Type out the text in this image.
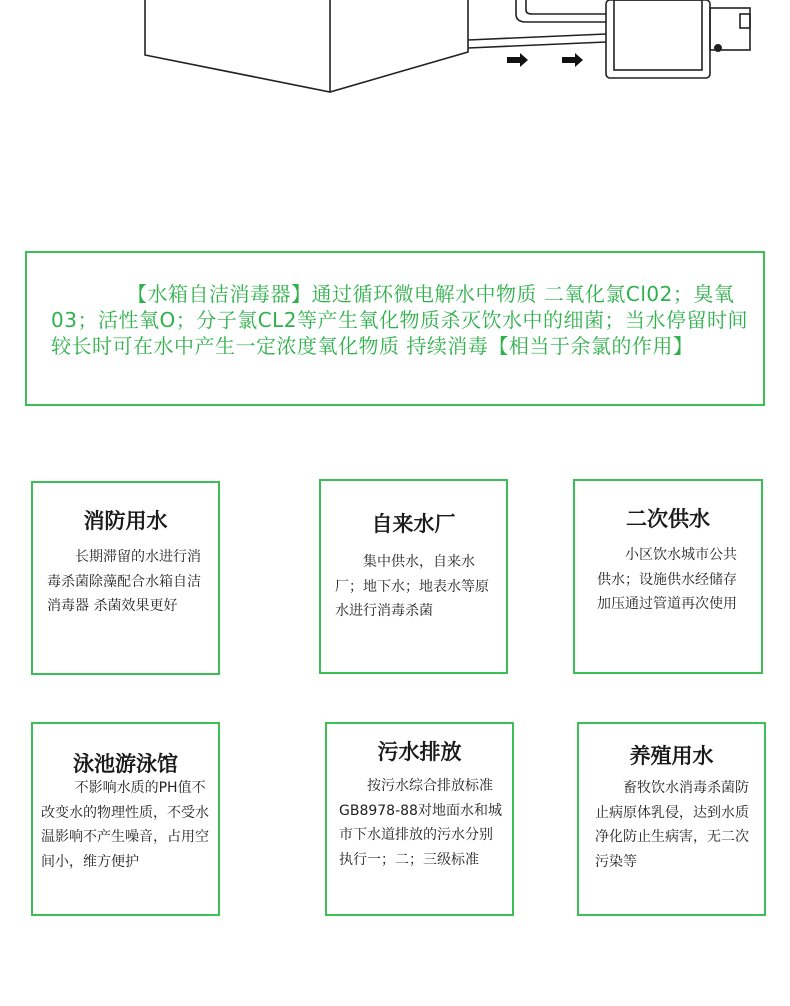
【水箱自洁消毒器】通过循环微电解水中物质 二氧化氯Cl02；臭氧03；活性氧O；分子氯CL2等产生氧化物质杀灭饮水中的细菌；当水停留时间较长时可在水中产生一定浓度氧化物质 持续消毒【相当于余氯的作用】

消防用水
长期滞留的水进行消毒杀菌除藻配合水箱自洁消毒器 杀菌效果更好
自来水厂
集中供水，自来水厂；地下水；地表水等原水进行消毒杀菌
二次供水
小区饮水城市公共供水；设施供水经储存 加压通过管道再次使用
泳池游泳馆
不影响水质的PH值不改变水的物理性质，不受水温影响不产生噪音，占用空间小，维方便护
污水排放
按污水综合排放标准GB8978-88对地面水和城市下水道排放的污水分别执行一；二；三级标准
养殖用水
畜牧饮水消毒杀菌防止病原体乳侵，达到水质净化防止生病害，无二次污染等
